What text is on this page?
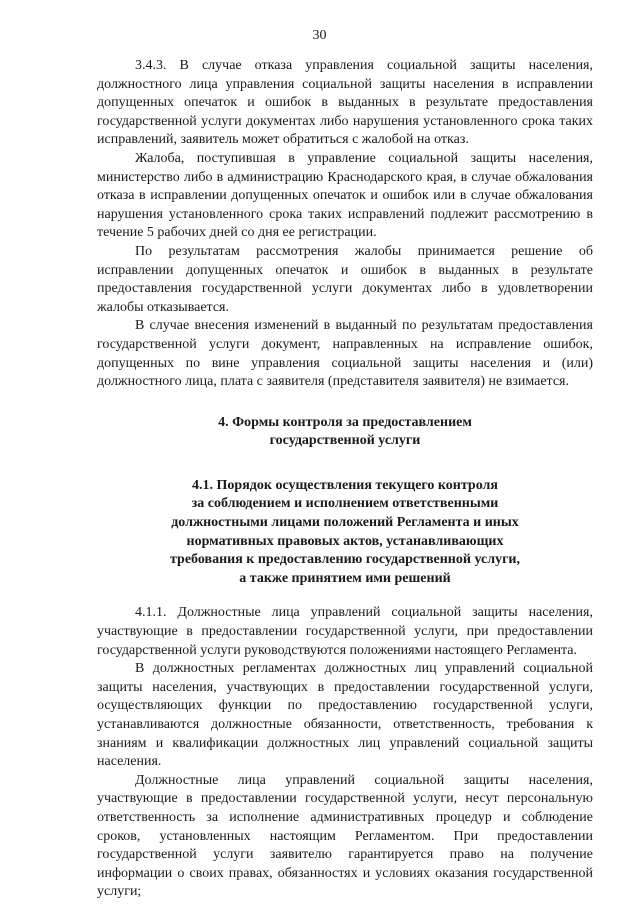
30

3.4.3. В случае отказа управления социальной защиты населения, должностного лица управления социальной защиты населения в исправлении допущенных опечаток и ошибок в выданных в результате предоставления государственной услуги документах либо нарушения установленного срока таких исправлений, заявитель может обратиться с жалобой на отказ.

Жалоба, поступившая в управление социальной защиты населения, министерство либо в администрацию Краснодарского края, в случае обжалования отказа в исправлении допущенных опечаток и ошибок или в случае обжалования нарушения установленного срока таких исправлений подлежит рассмотрению в течение 5 рабочих дней со дня ее регистрации.

По результатам рассмотрения жалобы принимается решение об исправлении допущенных опечаток и ошибок в выданных в результате предоставления государственной услуги документах либо в удовлетворении жалобы отказывается.

В случае внесения изменений в выданный по результатам предоставления государственной услуги документ, направленных на исправление ошибок, допущенных по вине управления социальной защиты населения и (или) должностного лица, плата с заявителя (представителя заявителя) не взимается.

4. Формы контроля за предоставлением
государственной услуги
4.1. Порядок осуществления текущего контроля
за соблюдением и исполнением ответственными
должностными лицами положений Регламента и иных
нормативных правовых актов, устанавливающих
требования к предоставлению государственной услуги,
а также принятием ими решений

4.1.1. Должностные лица управлений социальной защиты населения, участвующие в предоставлении государственной услуги, при предоставлении государственной услуги руководствуются положениями настоящего Регламента.

В должностных регламентах должностных лиц управлений социальной защиты населения, участвующих в предоставлении государственной услуги, осуществляющих функции по предоставлению государственной услуги, устанавливаются должностные обязанности, ответственность, требования к знаниям и квалификации должностных лиц управлений социальной защиты населения.

Должностные лица управлений социальной защиты населения, участвующие в предоставлении государственной услуги, несут персональную ответственность за исполнение административных процедур и соблюдение сроков, установленных настоящим Регламентом. При предоставлении государственной услуги заявителю гарантируется право на получение информации о своих правах, обязанностях и условиях оказания государственной услуги;
